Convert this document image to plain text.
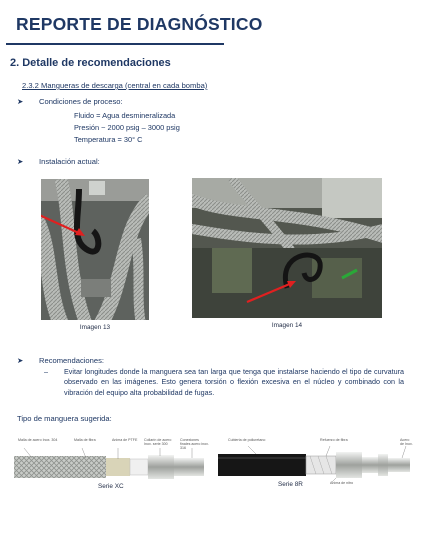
REPORTE DE DIAGNÓSTICO
2. Detalle de recomendaciones
2.3.2 Mangueras de descarga (central en cada bomba)
➤ Condiciones de proceso:
Fluido = Agua desmineralizada
Presión ~ 2000 psig – 3000 psig
Temperatura = 30° C
➤ Instalación actual:
Imagen 13	Imagen 14
➤ Recomendaciones:
– Evitar longitudes donde la manguera sea tan larga que tenga que instalarse haciendo el tipo de curvatura observado en las imágenes. Esto genera torsión o flexión excesiva en el núcleo y combinado con la vibración del equipo alta probabilidad de fugas.
Tipo de manguera sugerida:
Malla de acero Inox. 304	Malla de fibra	Anima de PTFE Collarín de acero Inox. serie 300
Conexiones finales acero inox. 316
Serie XC
Cubierta de poliuretano	Refuerzo de fibra	Acero de Inox.
Anima de nitro
Serie 8R
